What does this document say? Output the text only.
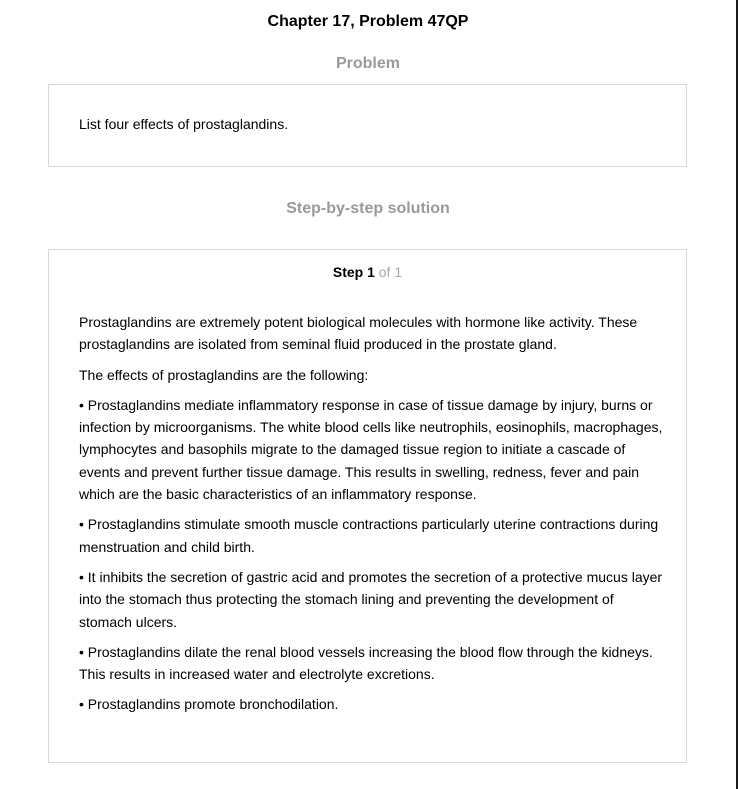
Chapter 17, Problem 47QP
Problem
List four effects of prostaglandins.
Step-by-step solution
Step 1 of 1

Prostaglandins are extremely potent biological molecules with hormone like activity. These prostaglandins are isolated from seminal fluid produced in the prostate gland.

The effects of prostaglandins are the following:

• Prostaglandins mediate inflammatory response in case of tissue damage by injury, burns or infection by microorganisms. The white blood cells like neutrophils, eosinophils, macrophages, lymphocytes and basophils migrate to the damaged tissue region to initiate a cascade of events and prevent further tissue damage. This results in swelling, redness, fever and pain which are the basic characteristics of an inflammatory response.

• Prostaglandins stimulate smooth muscle contractions particularly uterine contractions during menstruation and child birth.

• It inhibits the secretion of gastric acid and promotes the secretion of a protective mucus layer into the stomach thus protecting the stomach lining and preventing the development of stomach ulcers.

• Prostaglandins dilate the renal blood vessels increasing the blood flow through the kidneys. This results in increased water and electrolyte excretions.

• Prostaglandins promote bronchodilation.
